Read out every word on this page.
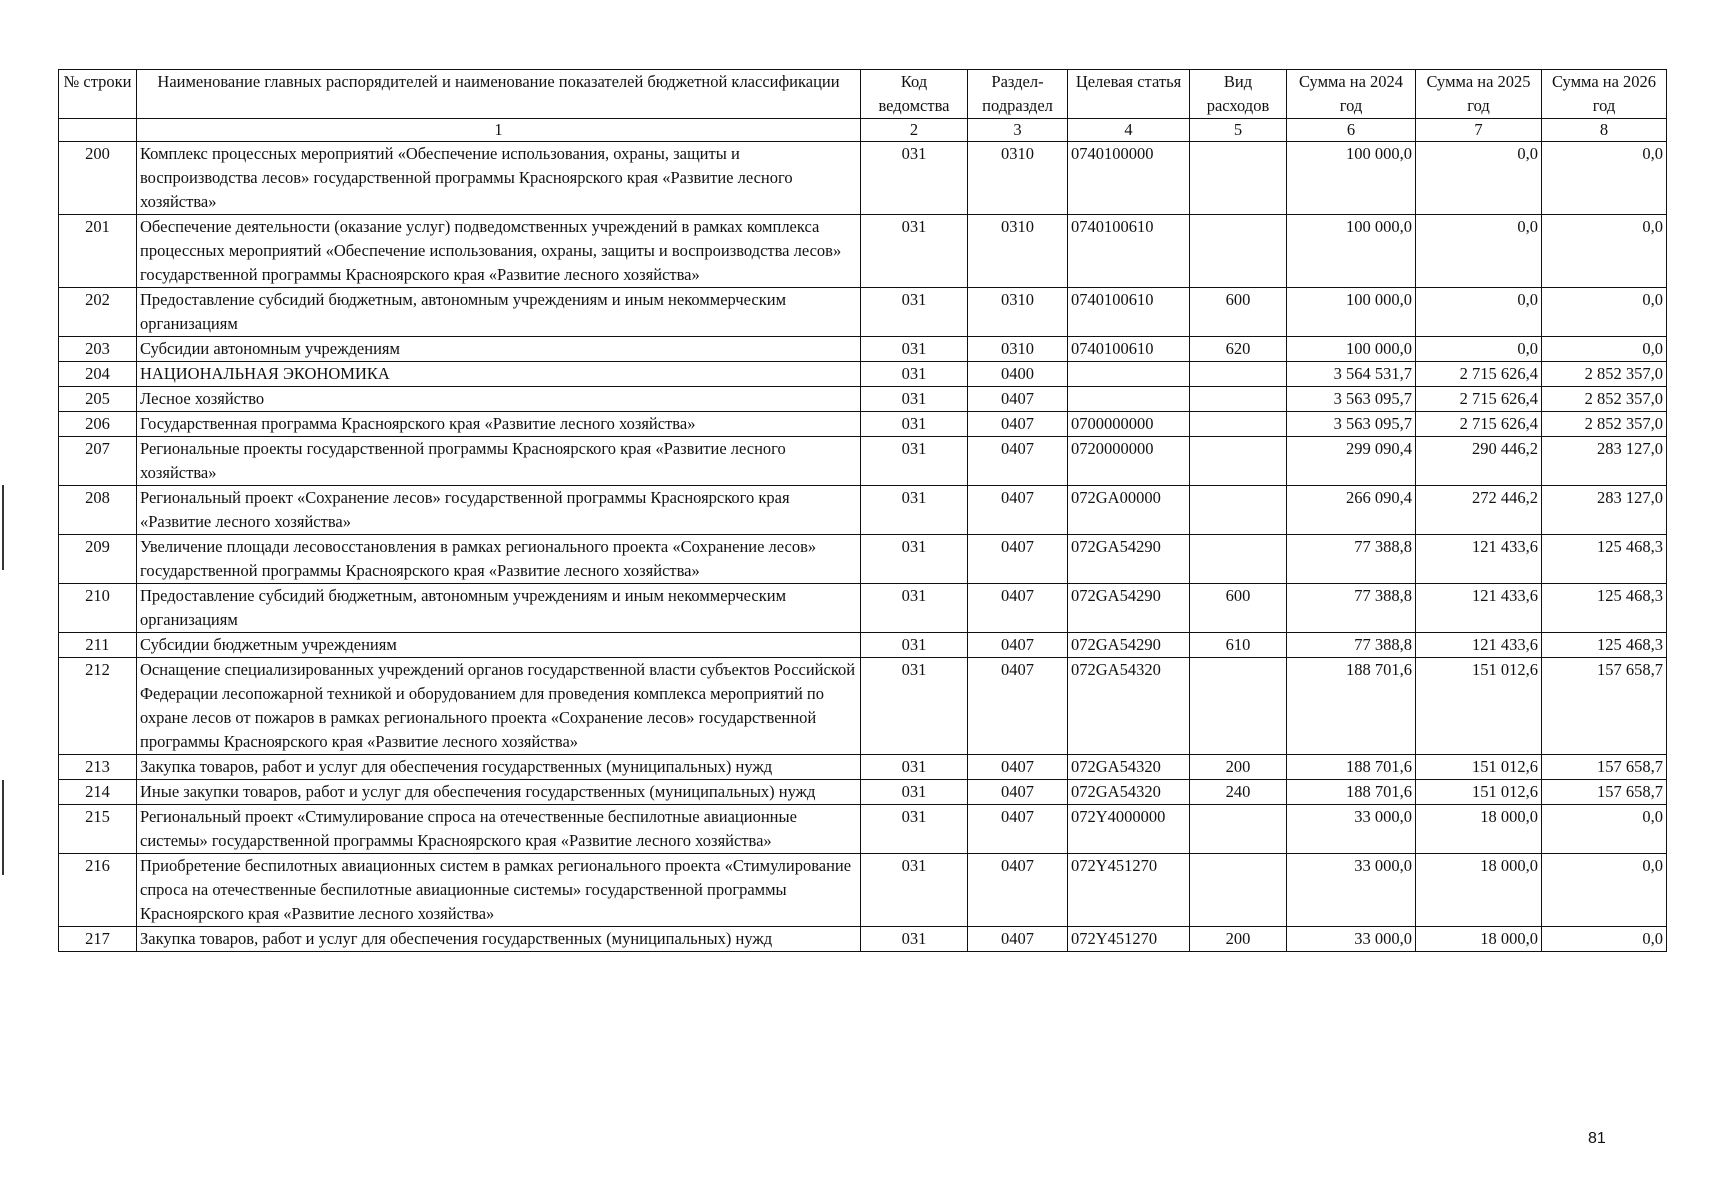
№ строки	Наименование главных распорядителей и наименование показателей бюджетной классификации	Код ведомства	Раздел-подраздел	Целевая статья	Вид расходов	Сумма на 2024 год	Сумма на 2025 год	Сумма на 2026 год
	1	2	3	4	5	6	7	8
200	Комплекс процессных мероприятий «Обеспечение использования, охраны, защиты и воспроизводства лесов» государственной программы Красноярского края «Развитие лесного хозяйства»	031	0310	0740100000		100 000,0	0,0	0,0
201	Обеспечение деятельности (оказание услуг) подведомственных учреждений в рамках комплекса процессных мероприятий «Обеспечение использования, охраны, защиты и воспроизводства лесов» государственной программы Красноярского края «Развитие лесного хозяйства»	031	0310	0740100610		100 000,0	0,0	0,0
202	Предоставление субсидий бюджетным, автономным учреждениям и иным некоммерческим организациям	031	0310	0740100610	600	100 000,0	0,0	0,0
203	Субсидии автономным учреждениям	031	0310	0740100610	620	100 000,0	0,0	0,0
204	НАЦИОНАЛЬНАЯ ЭКОНОМИКА	031	0400			3 564 531,7	2 715 626,4	2 852 357,0
205	Лесное хозяйство	031	0407			3 563 095,7	2 715 626,4	2 852 357,0
206	Государственная программа Красноярского края «Развитие лесного хозяйства»	031	0407	0700000000		3 563 095,7	2 715 626,4	2 852 357,0
207	Региональные проекты государственной программы Красноярского края «Развитие лесного хозяйства»	031	0407	0720000000		299 090,4	290 446,2	283 127,0
208	Региональный проект «Сохранение лесов» государственной программы Красноярского края «Развитие лесного хозяйства»	031	0407	072GA00000		266 090,4	272 446,2	283 127,0
209	Увеличение площади лесовосстановления в рамках регионального проекта «Сохранение лесов» государственной программы Красноярского края «Развитие лесного хозяйства»	031	0407	072GA54290		77 388,8	121 433,6	125 468,3
210	Предоставление субсидий бюджетным, автономным учреждениям и иным некоммерческим организациям	031	0407	072GA54290	600	77 388,8	121 433,6	125 468,3
211	Субсидии бюджетным учреждениям	031	0407	072GA54290	610	77 388,8	121 433,6	125 468,3
212	Оснащение специализированных учреждений органов государственной власти субъектов Российской Федерации лесопожарной техникой и оборудованием для проведения комплекса мероприятий по охране лесов от пожаров в рамках регионального проекта «Сохранение лесов» государственной программы Красноярского края «Развитие лесного хозяйства»	031	0407	072GA54320		188 701,6	151 012,6	157 658,7
213	Закупка товаров, работ и услуг для обеспечения государственных (муниципальных) нужд	031	0407	072GA54320	200	188 701,6	151 012,6	157 658,7
214	Иные закупки товаров, работ и услуг для обеспечения государственных (муниципальных) нужд	031	0407	072GA54320	240	188 701,6	151 012,6	157 658,7
215	Региональный проект «Стимулирование спроса на отечественные беспилотные авиационные системы» государственной программы Красноярского края «Развитие лесного хозяйства»	031	0407	072Y4000000		33 000,0	18 000,0	0,0
216	Приобретение беспилотных авиационных систем в рамках регионального проекта «Стимулирование спроса на отечественные беспилотные авиационные системы» государственной программы Красноярского края «Развитие лесного хозяйства»	031	0407	072Y451270		33 000,0	18 000,0	0,0
217	Закупка товаров, работ и услуг для обеспечения государственных (муниципальных) нужд	031	0407	072Y451270	200	33 000,0	18 000,0	0,0
81
